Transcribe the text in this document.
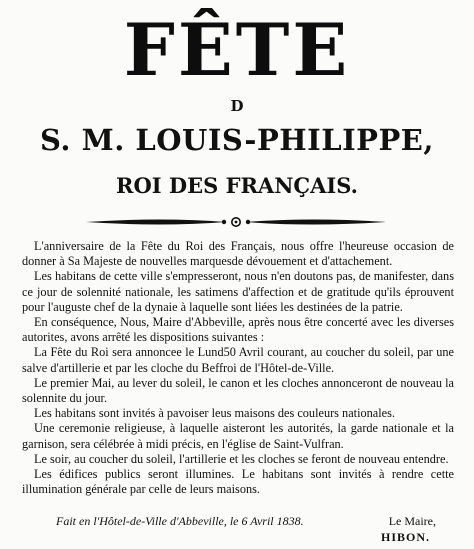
FÊTE
D
S. M. LOUIS-PHILIPPE,
ROI DES FRANÇAIS.

L'anniversaire de la Fête du Roi des Français, nous offre l'heureuse occasion de donner à Sa Majeste de nouvelles marquesde dévouement et d'attachement.

Les habitans de cette ville s'empresseront, nous n'en doutons pas, de manifester, dans ce jour de solennité nationale, les satimens d'affection et de gratitude qu'ils éprouvent pour l'auguste chef de la dynaie à laquelle sont liées les destinées de la patrie.

En conséquence, Nous, Maire d'Abbeville, après nous être concerté avec les diverses autorites, avons arrêté les dispositions suivantes :

La Fête du Roi sera annoncee le Lund50 Avril courant, au coucher du soleil, par une salve d'artillerie et par les cloche du Beffroi de l'Hôtel-de-Ville.

Le premier Mai, au lever du soleil, le canon et les cloches annonceront de nouveau la solennite du jour.

Les habitans sont invités à pavoiser leus maisons des couleurs nationales.

Une ceremonie religieuse, à laquelle aisteront les autorités, la garde nationale et la garnison, sera célébrée à midi précis, en l'église de Saint-Vulfran.

Le soir, au coucher du soleil, l'artillerie et les cloches se feront de nouveau entendre.

Les édifices publics seront illumines. Le habitans sont invités à rendre cette illumination générale par celle de leurs maisons.

Fait en l'Hôtel-de-Ville d'Abbeville, le 6 Avril 1838.	Le Maire,
HIBON.
